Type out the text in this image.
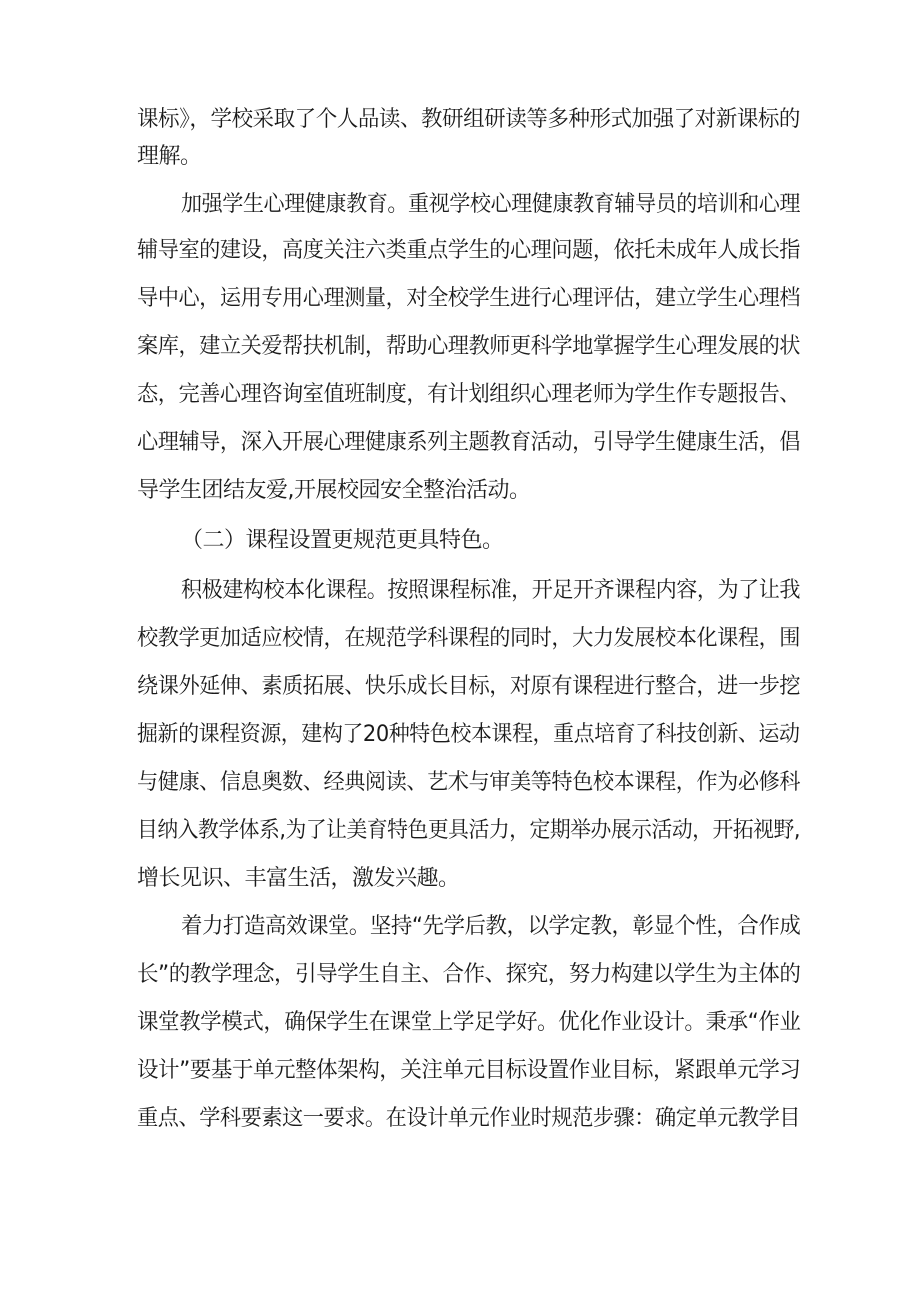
课标》，学校采取了个人品读、教研组研读等多种形式加强了对新课标的
理解。
加强学生心理健康教育。重视学校心理健康教育辅导员的培训和心理
辅导室的建设，高度关注六类重点学生的心理问题，依托未成年人成长指
导中心，运用专用心理测量，对全校学生进行心理评估，建立学生心理档
案库，建立关爱帮扶机制，帮助心理教师更科学地掌握学生心理发展的状
态，完善心理咨询室值班制度，有计划组织心理老师为学生作专题报告、
心理辅导，深入开展心理健康系列主题教育活动，引导学生健康生活，倡
导学生团结友爱,开展校园安全整治活动。
（二）课程设置更规范更具特色。
积极建构校本化课程。按照课程标准，开足开齐课程内容，为了让我
校教学更加适应校情，在规范学科课程的同时，大力发展校本化课程，围
绕课外延伸、素质拓展、快乐成长目标，对原有课程进行整合，进一步挖
掘新的课程资源，建构了20种特色校本课程，重点培育了科技创新、运动
与健康、信息奥数、经典阅读、艺术与审美等特色校本课程，作为必修科
目纳入教学体系,为了让美育特色更具活力，定期举办展示活动，开拓视野,
增长见识、丰富生活，激发兴趣。
着力打造高效课堂。坚持“先学后教，以学定教，彰显个性，合作成
长”的教学理念，引导学生自主、合作、探究，努力构建以学生为主体的
课堂教学模式，确保学生在课堂上学足学好。优化作业设计。秉承“作业
设计”要基于单元整体架构，关注单元目标设置作业目标，紧跟单元学习
重点、学科要素这一要求。在设计单元作业时规范步骤：确定单元教学目
